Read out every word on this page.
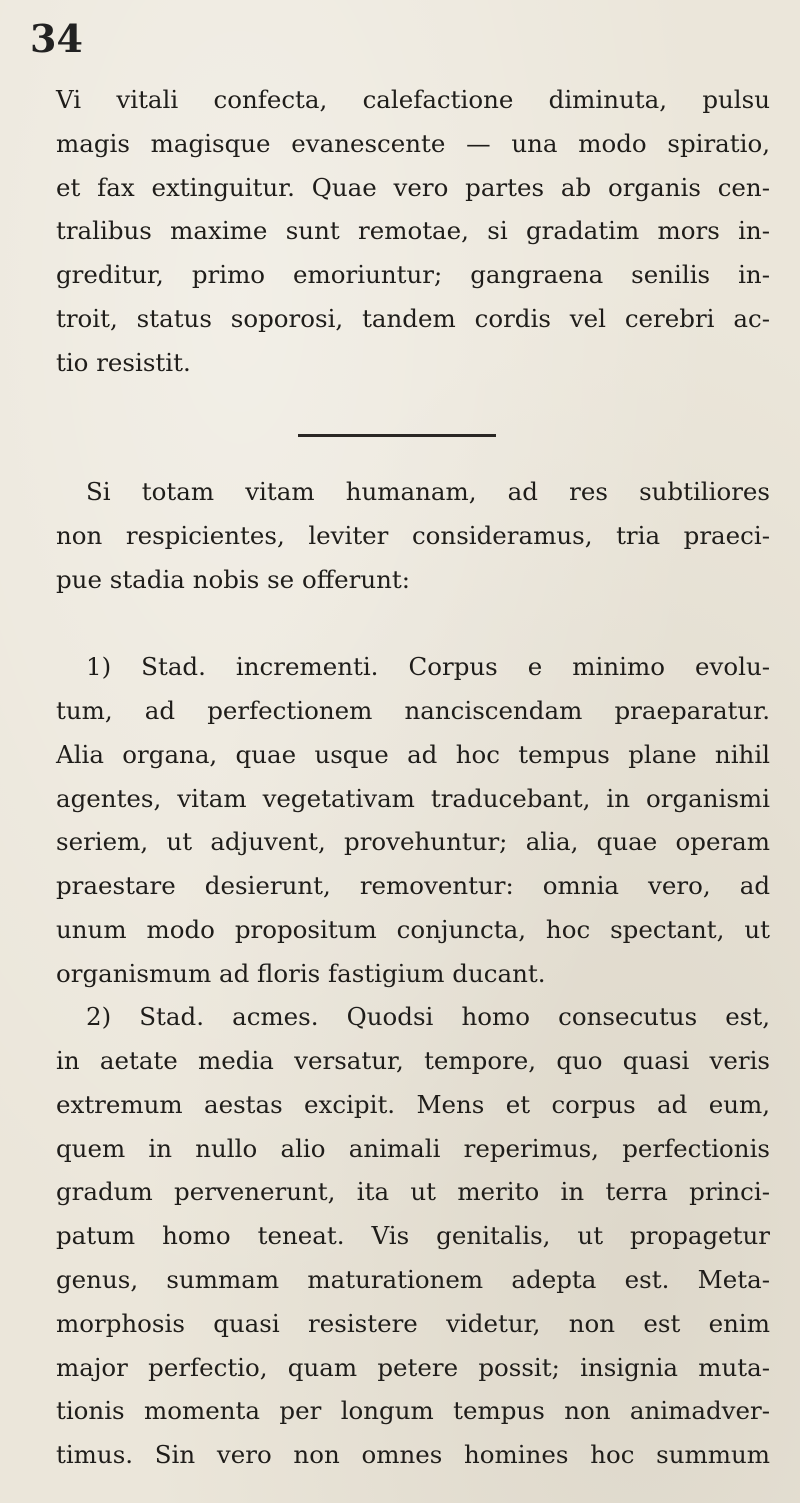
34
Vi vitali confecta, calefactione diminuta, pulsu
magis magisque evanescente — una modo spiratio,
et fax extinguitur. Quae vero partes ab organis cen-
tralibus maxime sunt remotae, si gradatim mors in-
greditur, primo emoriuntur; gangraena senilis in-
troit, status soporosi, tandem cordis vel cerebri ac-
tio resistit.
Si totam vitam humanam, ad res subtiliores
non respicientes, leviter consideramus, tria praeci-
pue stadia nobis se offerunt:
1) Stad. incrementi. Corpus e minimo evolu-
tum, ad perfectionem nanciscendam praeparatur.
Alia organa, quae usque ad hoc tempus plane nihil
agentes, vitam vegetativam traducebant, in organismi
seriem, ut adjuvent, provehuntur; alia, quae operam
praestare desierunt, removentur: omnia vero, ad
unum modo propositum conjuncta, hoc spectant, ut
organismum ad floris fastigium ducant.
2) Stad. acmes. Quodsi homo consecutus est,
in aetate media versatur, tempore, quo quasi veris
extremum aestas excipit. Mens et corpus ad eum,
quem in nullo alio animali reperimus, perfectionis
gradum pervenerunt, ita ut merito in terra princi-
patum homo teneat. Vis genitalis, ut propagetur
genus, summam maturationem adepta est. Meta-
morphosis quasi resistere videtur, non est enim
major perfectio, quam petere possit; insignia muta-
tionis momenta per longum tempus non animadver-
timus. Sin vero non omnes homines hoc summum
